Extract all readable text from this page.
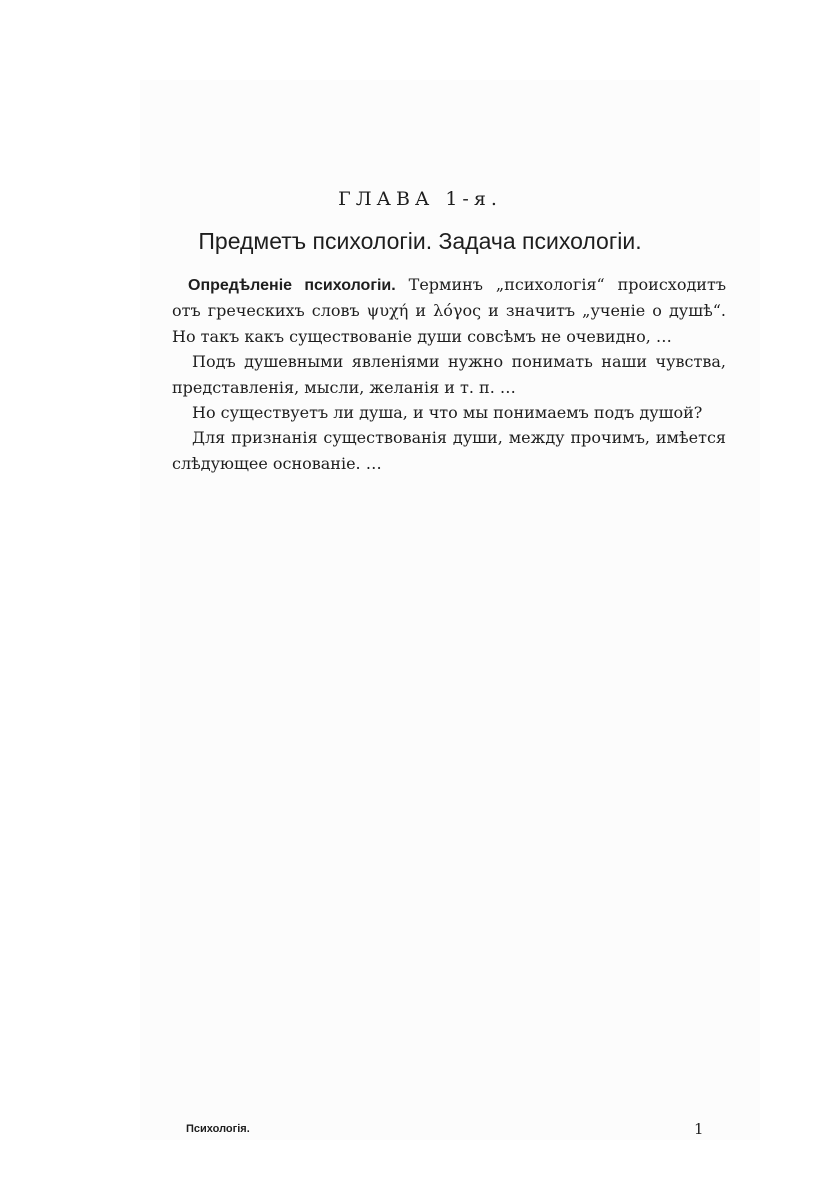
ГЛАВА 1-я.
Предметъ психологіи. Задача психологіи.

Опредѣленіе психологіи. Терминъ „психологія“ происходитъ отъ греческихъ словъ ψυχή и λόγος и значитъ „ученіе о душѣ“. Но такъ какъ существованіе души совсѣмъ не очевидно, …

Подъ душевными явленіями нужно понимать наши чувства, представленія, мысли, желанія и т. п. …

Но существуетъ ли душа, и что мы понимаемъ подъ душой?

Для признанія существованія души, между прочимъ, имѣется слѣдующее основаніе. …

Психологія.	1
